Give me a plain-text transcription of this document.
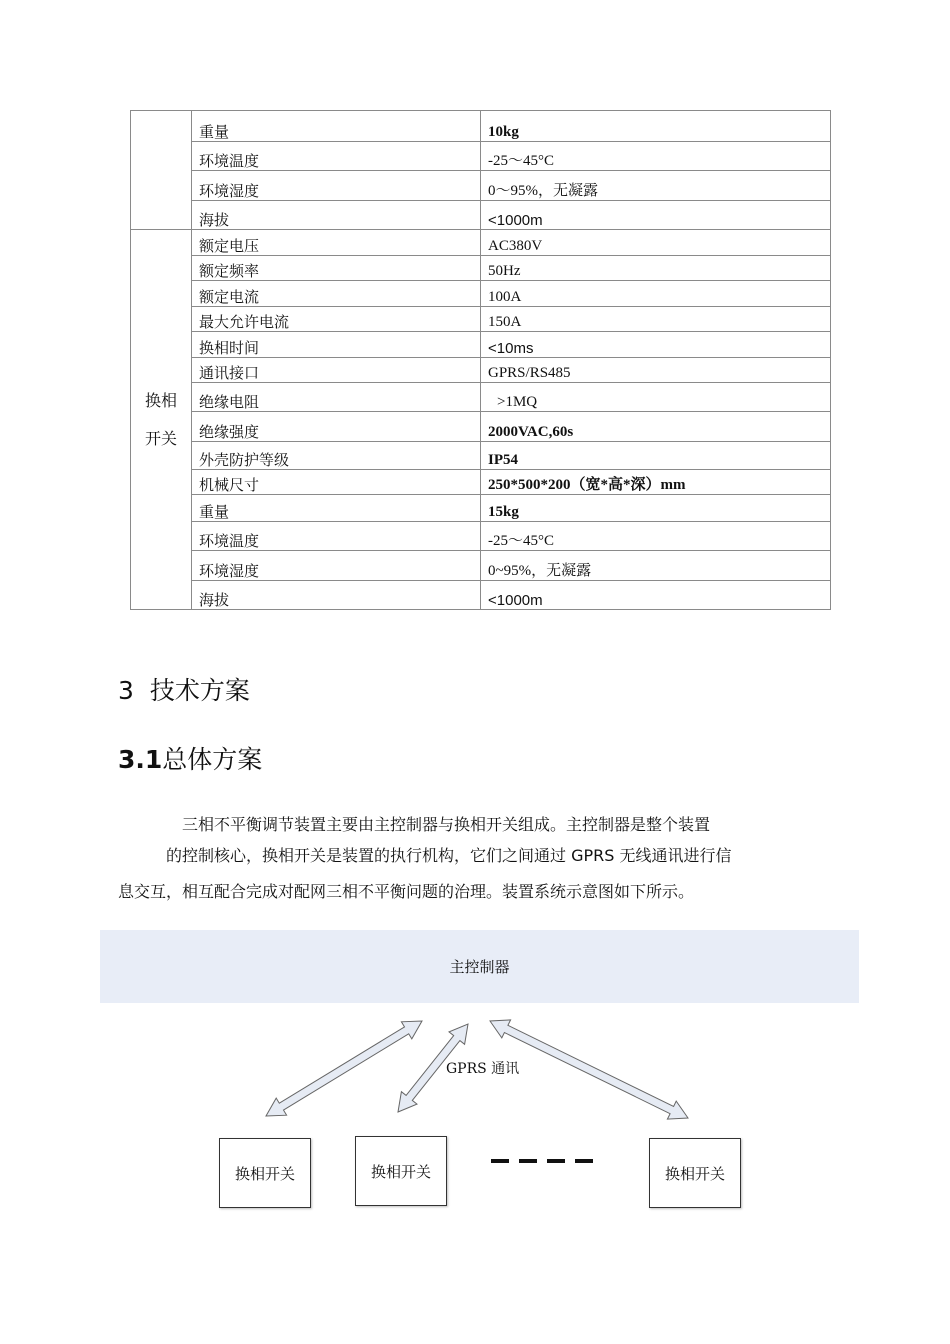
	重量	10kg
	环境温度	-25～45°C
	环境湿度	0～95%，无凝露
	海拔	<1000m
换相
开关	额定电压	AC380V
	额定频率	50Hz
	额定电流	100A
	最大允许电流	150A
	换相时间	<10ms
	通讯接口	GPRS/RS485
	绝缘电阻	>1MQ
	绝缘强度	2000VAC,60s
	外壳防护等级	IP54
	机械尺寸	250*500*200（宽*高*深）mm
	重量	15kg
	环境温度	-25～45°C
	环境湿度	0~95%，无凝露
	海拔	<1000m
3 技术方案
3.1总体方案
三相不平衡调节装置主要由主控制器与换相开关组成。主控制器是整个装置
的控制核心，换相开关是装置的执行机构，它们之间通过 GPRS 无线通讯进行信
息交互，相互配合完成对配网三相不平衡问题的治理。装置系统示意图如下所示。
主控制器
GPRS 通讯
换相开关	换相开关	换相开关
